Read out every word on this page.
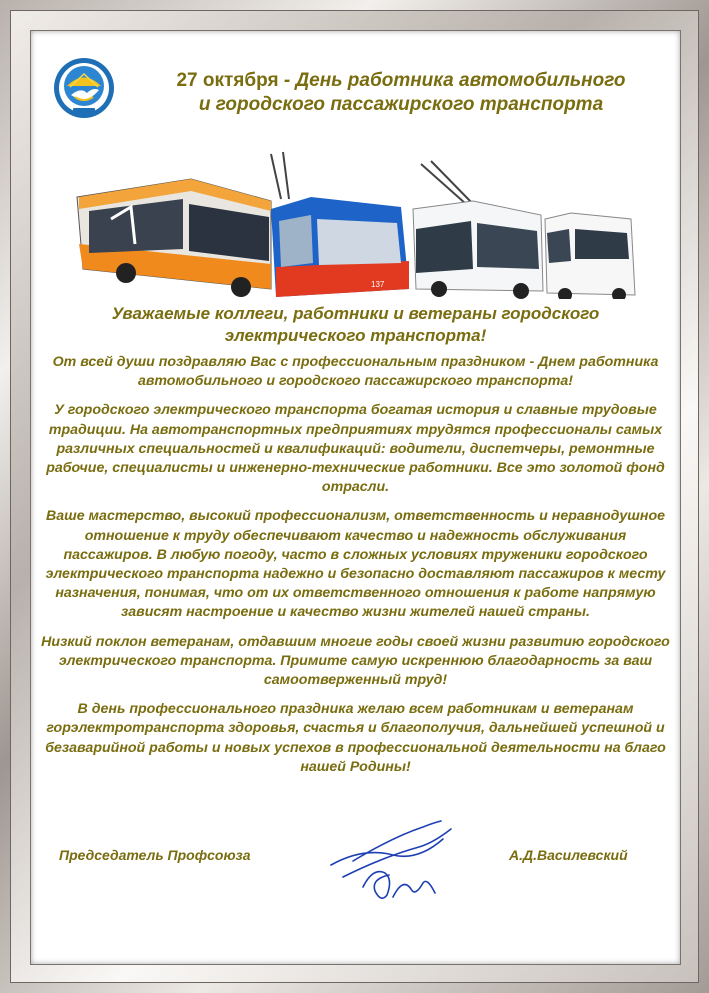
27 октября - День работника автомобильного
и городского пассажирского транспорта
137
Уважаемые коллеги, работники и ветераны городского электрического транспорта!

От всей души поздравляю Вас с профессиональным праздником - Днем работника автомобильного и городского пассажирского транспорта!

У городского электрического транспорта богатая история и славные трудовые традиции. На автотранспортных предприятиях трудятся профессионалы самых различных специальностей и квалификаций: водители, диспетчеры, ремонтные рабочие, специалисты и инженерно-технические работники. Все это золотой фонд отрасли.

Ваше мастерство, высокий профессионализм, ответственность и неравнодушное отношение к труду обеспечивают качество и надежность обслуживания пассажиров. В любую погоду, часто в сложных условиях труженики городского электрического транспорта надежно и безопасно доставляют пассажиров к месту назначения, понимая, что от их ответственного отношения к работе напрямую зависят настроение и качество жизни жителей нашей страны.

Низкий поклон ветеранам, отдавшим многие годы своей жизни развитию городского электрического транспорта. Примите самую искреннюю благодарность за ваш самоотверженный труд!

В день профессионального праздника желаю всем работникам и ветеранам горэлектротранспорта здоровья, счастья и благополучия, дальнейшей успешной и безаварийной работы и новых успехов в профессиональной деятельности на благо нашей Родины!

Председатель Профсоюза	А.Д.Василевский
